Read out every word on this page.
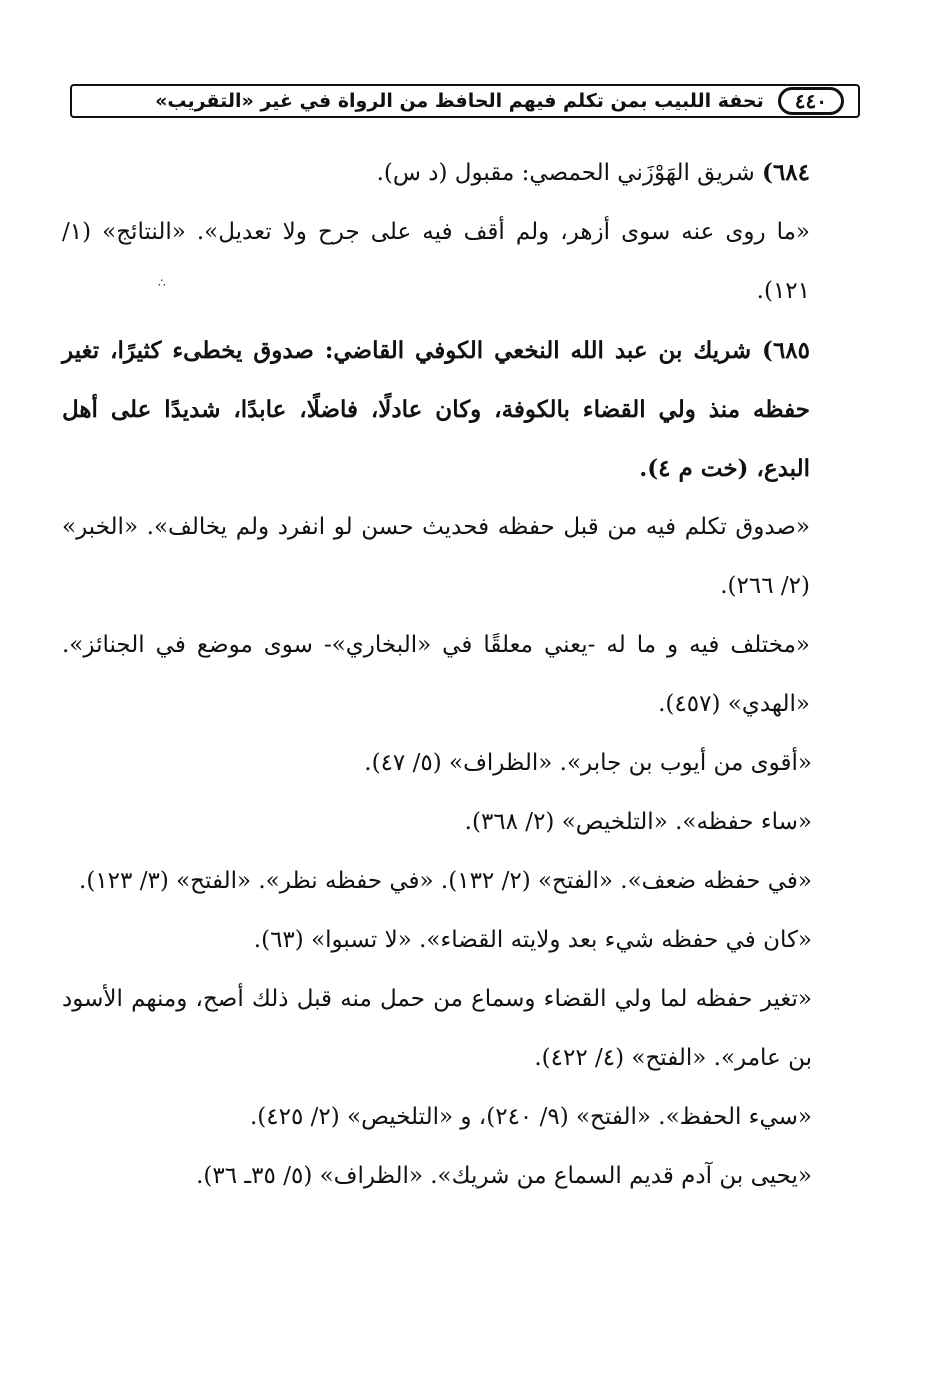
٤٤٠
تحفة اللبيب بمن تكلم فيهم الحافظ من الرواة في غير «التقريب»
∴

٦٨٤) شريق الهَوْزَني الحمصي: مقبول (د س).

«ما روى عنه سوى أزهر، ولم أقف فيه على جرح ولا تعديل». «النتائج» (١/ ١٢١).

٦٨٥) شريك بن عبد الله النخعي الكوفي القاضي: صدوق يخطىء كثيرًا، تغير حفظه منذ ولي القضاء بالكوفة، وكان عادلًا، فاضلًا، عابدًا، شديدًا على أهل البدع، (خت م ٤).

«صدوق تكلم فيه من قبل حفظه فحديث حسن لو انفرد ولم يخالف». «الخبر» (٢/ ٢٦٦).

«مختلف فيه و ما له -يعني معلقًا في «البخاري»- سوى موضع في الجنائز». «الهدي» (٤٥٧).

«أقوى من أيوب بن جابر». «الظراف» (٥/ ٤٧).

«ساء حفظه». «التلخيص» (٢/ ٣٦٨).

«في حفظه ضعف». «الفتح» (٢/ ١٣٢). «في حفظه نظر». «الفتح» (٣/ ١٢٣).

«كان في حفظه شيء بعد ولايته القضاء». «لا تسبوا» (٦٣).

«تغير حفظه لما ولي القضاء وسماع من حمل منه قبل ذلك أصح، ومنهم الأسود بن عامر». «الفتح» (٤/ ٤٢٢).

«سيء الحفظ». «الفتح» (٩/ ٢٤٠)، و «التلخيص» (٢/ ٤٢٥).

«يحيى بن آدم قديم السماع من شريك». «الظراف» (٥/ ٣٥ـ ٣٦).
